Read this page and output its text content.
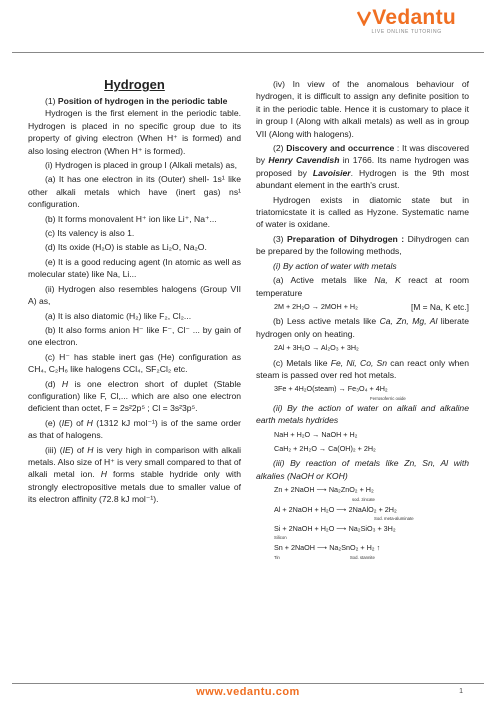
Vedantu
LIVE ONLINE TUTORING

Hydrogen

(1) Position of hydrogen in the periodic table

Hydrogen is the first element in the periodic table. Hydrogen is placed in no specific group due to its property of giving electron (When H⁺ is formed) and also losing electron (When H⁺ is formed).

(i) Hydrogen is placed in group I (Alkali metals) as,

(a) It has one electron in its (Outer) shell- 1s¹ like other alkali metals which have (inert gas) ns¹ configuration.

(b) It forms monovalent H⁺ ion like Li⁺, Na⁺...

(c) Its valency is also 1.

(d) Its oxide (H₂O) is stable as Li₂O, Na₂O.

(e) It is a good reducing agent (In atomic as well as molecular state) like Na, Li...

(ii) Hydrogen also resembles halogens (Group VII A) as,

(a) It is also diatomic (H₂) like F₂, Cl₂...

(b) It also forms anion H⁻ like F⁻, Cl⁻ ... by gain of one electron.

(c) H⁻ has stable inert gas (He) configuration as CH₄, C₂H₆ like halogens CCl₄, SF₂Cl₂ etc.

(d) H is one electron short of duplet (Stable configuration) like F, Cl,... which are also one electron deficient than octet, F = 2s²2p⁵ ; Cl = 3s²3p⁵.

(e) (IE) of H (1312 kJ mol⁻¹) is of the same order as that of halogens.

(iii) (IE) of H is very high in comparison with alkali metals. Also size of H⁺ is very small compared to that of alkali metal ion. H forms stable hydride only with strongly electropositive metals due to smaller value of its electron affinity (72.8 kJ mol⁻¹).

(iv) In view of the anomalous behaviour of hydrogen, it is difficult to assign any definite position to it in the periodic table. Hence it is customary to place it in group I (Along with alkali metals) as well as in group VII (Along with halogens).

(2) Discovery and occurrence : It was discovered by Henry Cavendish in 1766. Its name hydrogen was proposed by Lavoisier. Hydrogen is the 9th most abundant element in the earth's crust.

Hydrogen exists in diatomic state but in triatomicstate it is called as Hyzone. Systematic name of water is oxidane.

(3) Preparation of Dihydrogen : Dihydrogen can be prepared by the following methods,

(i) By action of water with metals

(a) Active metals like Na, K react at room temperature

2M + 2H₂O → 2MOH + H₂	[M = Na, K etc.]

(b) Less active metals like Ca, Zn, Mg, Al liberate hydrogen only on heating.

2Al + 3H₂O → Al₂O₃ + 3H₂

(c) Metals like Fe, Ni, Co, Sn can react only when steam is passed over red hot metals.

3Fe + 4H₂O(steam) → Fe₃O₄ + 4H₂
Ferrosoferric oxide

(ii) By the action of water on alkali and alkaline earth metals hydrides

NaH + H₂O → NaOH + H₂

CaH₂ + 2H₂O → Ca(OH)₂ + 2H₂

(iii) By reaction of metals like Zn, Sn, Al with alkalies (NaOH or KOH)

Zn + 2NaOH ⟶ Na₂ZnO₂ + H₂
sod. zincate

Al + 2NaOH + H₂O ⟶ 2NaAlO₂ + 2H₂
Sod. meta-aluminate

Si + 2NaOH + H₂O ⟶ Na₂SiO₃ + 3H₂
Silicon

Sn + 2NaOH ⟶ Na₂SnO₂ + H₂ ↑
Tin	Sod. stannite

www.vedantu.com	1
